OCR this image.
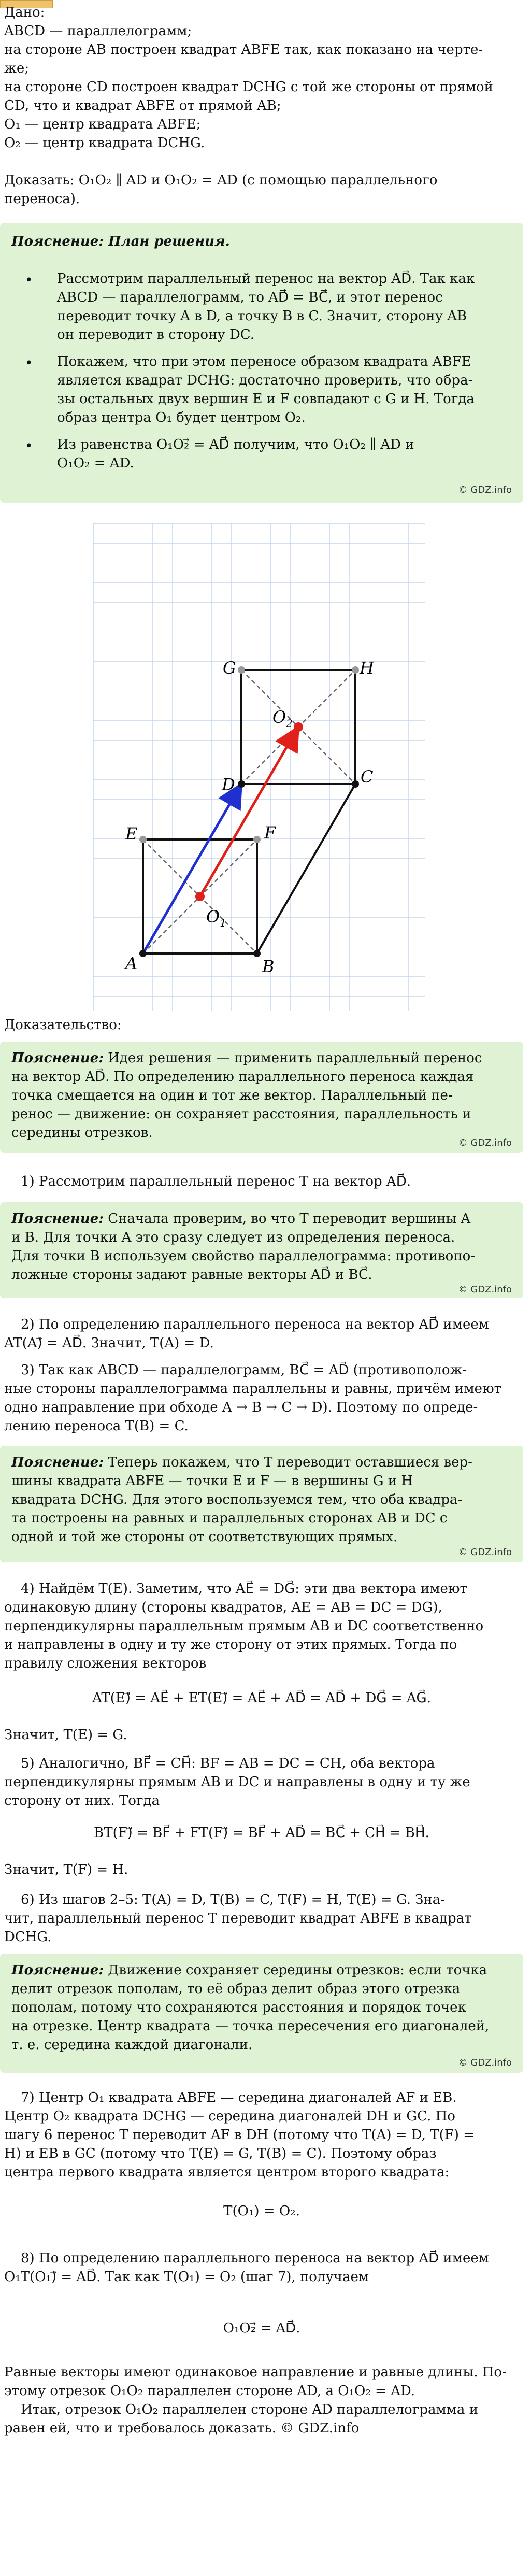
Дано:
ABCD — параллелограмм;
на стороне AB построен квадрат ABFE так, как показано на черте-
же;
на стороне CD построен квадрат DCHG с той же стороны от прямой
CD, что и квадрат ABFE от прямой AB;
O₁ — центр квадрата ABFE;
O₂ — центр квадрата DCHG.
Доказать: O₁O₂ ∥ AD и O₁O₂ = AD (с помощью параллельного
переноса).
Пояснение: План решения.
• Рассмотрим параллельный перенос на вектор AD⃗. Так как
ABCD — параллелограмм, то AD⃗ = BC⃗, и этот перенос
переводит точку A в D, а точку B в C. Значит, сторону AB
он переводит в сторону DC.
• Покажем, что при этом переносе образом квадрата ABFE
является квадрат DCHG: достаточно проверить, что обра-
зы остальных двух вершин E и F совпадают с G и H. Тогда
образ центра O₁ будет центром O₂.
• Из равенства O₁O₂⃗ = AD⃗ получим, что O₁O₂ ∥ AD и
O₁O₂ = AD.
© GDZ.info
A	B
C
D
E	F
G	H
$O_1$
$O_2$
Доказательство:
Пояснение: Идея решения — применить параллельный перенос
на вектор AD⃗. По определению параллельного переноса каждая
точка смещается на один и тот же вектор. Параллельный пе-
ренос — движение: он сохраняет расстояния, параллельность и
середины отрезков.
© GDZ.info
1) Рассмотрим параллельный перенос T на вектор AD⃗.
Пояснение: Сначала проверим, во что T переводит вершины A
и B. Для точки A это сразу следует из определения переноса.
Для точки B используем свойство параллелограмма: противопо-
ложные стороны задают равные векторы AD⃗ и BC⃗.
© GDZ.info
2) По определению параллельного переноса на вектор AD⃗ имеем
AT(A)⃗ = AD⃗. Значит, T(A) = D.
3) Так как ABCD — параллелограмм, BC⃗ = AD⃗ (противополож-
ные стороны параллелограмма параллельны и равны, причём имеют
одно направление при обходе A → B → C → D). Поэтому по опреде-
лению переноса T(B) = C.
Пояснение: Теперь покажем, что T переводит оставшиеся вер-
шины квадрата ABFE — точки E и F — в вершины G и H
квадрата DCHG. Для этого воспользуемся тем, что оба квадра-
та построены на равных и параллельных сторонах AB и DC с
одной и той же стороны от соответствующих прямых.
© GDZ.info
4) Найдём T(E). Заметим, что AE⃗ = DG⃗: эти два вектора имеют
одинаковую длину (стороны квадратов, AE = AB = DC = DG),
перпендикулярны параллельным прямым AB и DC соответственно
и направлены в одну и ту же сторону от этих прямых. Тогда по
правилу сложения векторов
AT(E)⃗ = AE⃗ + ET(E)⃗ = AE⃗ + AD⃗ = AD⃗ + DG⃗ = AG⃗.
Значит, T(E) = G.
5) Аналогично, BF⃗ = CH⃗: BF = AB = DC = CH, оба вектора
перпендикулярны прямым AB и DC и направлены в одну и ту же
сторону от них. Тогда
BT(F)⃗ = BF⃗ + FT(F)⃗ = BF⃗ + AD⃗ = BC⃗ + CH⃗ = BH⃗.
Значит, T(F) = H.
6) Из шагов 2–5: T(A) = D, T(B) = C, T(F) = H, T(E) = G. Зна-
чит, параллельный перенос T переводит квадрат ABFE в квадрат
DCHG.
Пояснение: Движение сохраняет середины отрезков: если точка
делит отрезок пополам, то её образ делит образ этого отрезка
пополам, потому что сохраняются расстояния и порядок точек
на отрезке. Центр квадрата — точка пересечения его диагоналей,
т. е. середина каждой диагонали.
© GDZ.info
7) Центр O₁ квадрата ABFE — середина диагоналей AF и EB.
Центр O₂ квадрата DCHG — середина диагоналей DH и GC. По
шагу 6 перенос T переводит AF в DH (потому что T(A) = D, T(F) =
H) и EB в GC (потому что T(E) = G, T(B) = C). Поэтому образ
центра первого квадрата является центром второго квадрата:
T(O₁) = O₂.
8) По определению параллельного переноса на вектор AD⃗ имеем
O₁T(O₁)⃗ = AD⃗. Так как T(O₁) = O₂ (шаг 7), получаем
O₁O₂⃗ = AD⃗.
Равные векторы имеют одинаковое направление и равные длины. По-
этому отрезок O₁O₂ параллелен стороне AD, а O₁O₂ = AD.
Итак, отрезок O₁O₂ параллелен стороне AD параллелограмма и
равен ей, что и требовалось доказать. © GDZ.info
